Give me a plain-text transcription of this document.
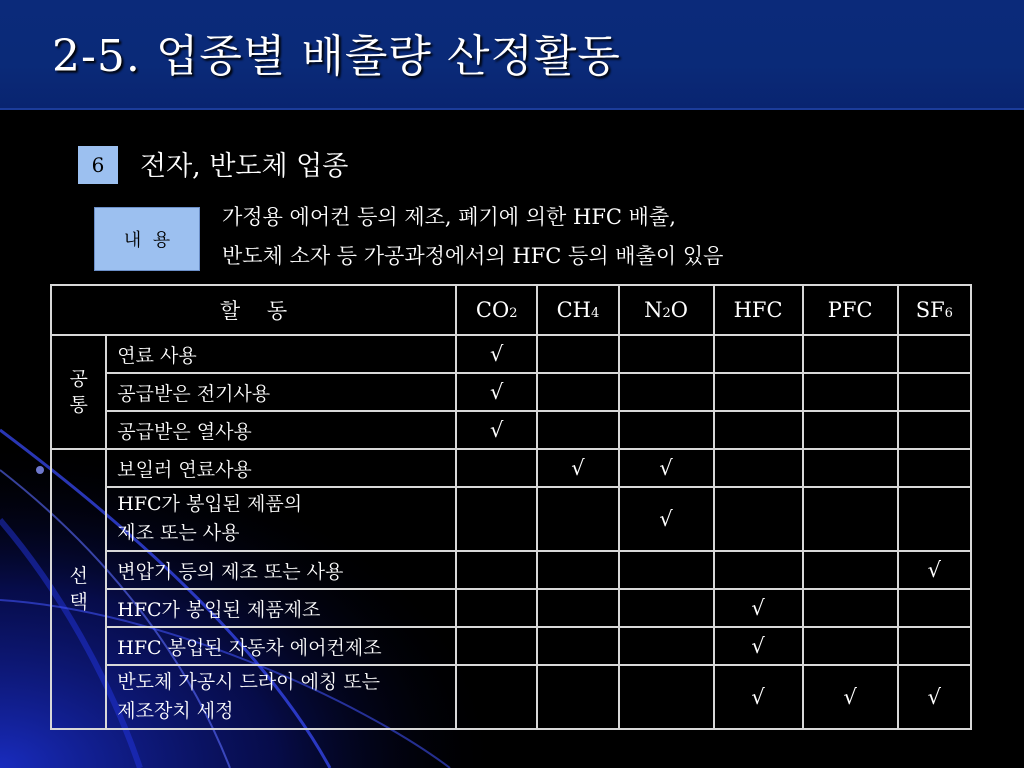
2-5. 업종별 배출량 산정활동
6	전자, 반도체 업종
내  용
가정용 에어컨 등의 제조, 폐기에 의한 HFC 배출,
반도체 소자 등 가공과정에서의 HFC 등의 배출이 있음
할    동		CO2	CH4	N2O	HFC	PFC	SF6

공
통	연료 사용	√					

	공급받은 전기사용	√					

	공급받은 열사용	√					

선
택	보일러 연료사용		√	√			

	HFC가 봉입된 제품의
제조 또는 사용			√			

	변압기 등의 제조 또는 사용						√

	HFC가 봉입된 제품제조				√		

	HFC 봉입된 자동차 에어컨제조				√		

	반도체 가공시 드라이 에칭 또는
제조장치 세정				√	√	√
